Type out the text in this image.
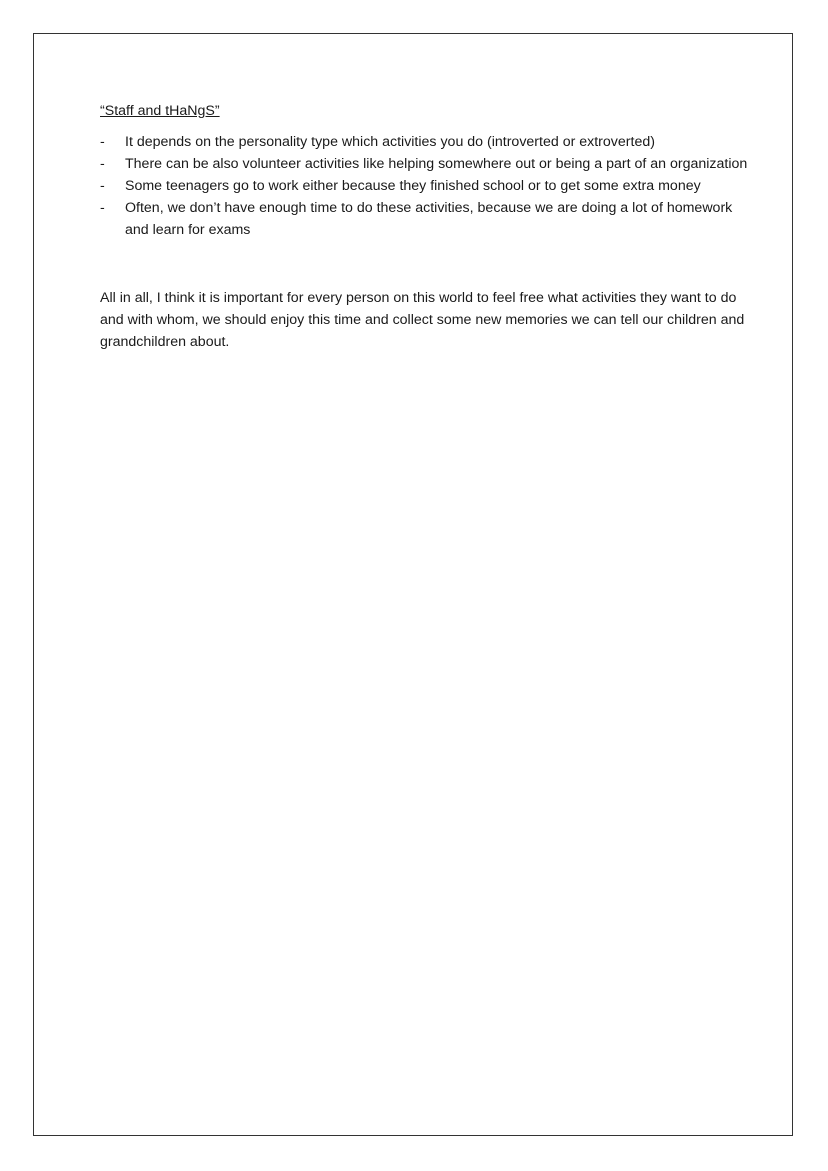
“Staff and tHaNgS”

- It depends on the personality type which activities you do (introverted or extroverted)
- There can be also volunteer activities like helping somewhere out or being a part of an organization
- Some teenagers go to work either because they finished school or to get some extra money
- Often, we don’t have enough time to do these activities, because we are doing a lot of homework and learn for exams

All in all, I think it is important for every person on this world to feel free what activities they want to do and with whom, we should enjoy this time and collect some new memories we can tell our children and grandchildren about.
